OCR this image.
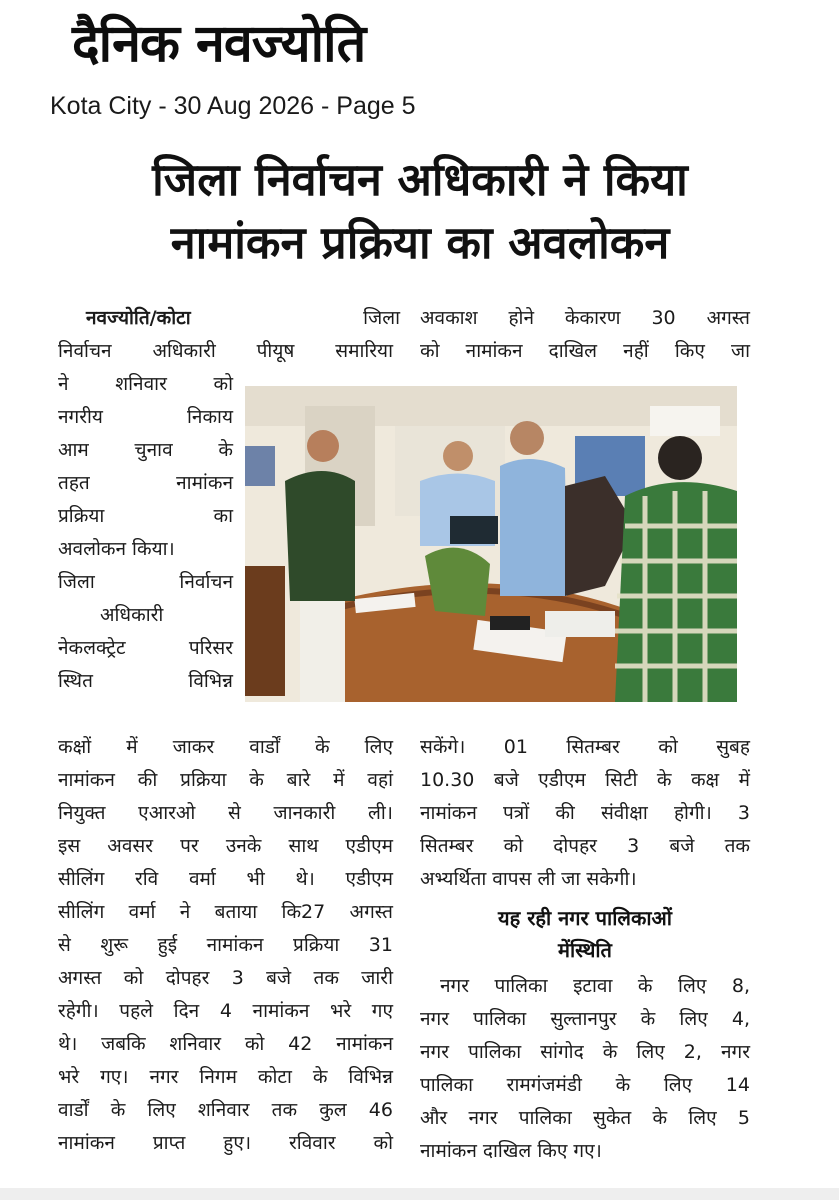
दैनिक नवज्योति
Kota City - 30 Aug 2026 - Page 5
जिला निर्वाचन अधिकारी ने किया
नामांकन प्रक्रिया का अवलोकन

नवज्योति/कोटा	जिला

निर्वाचन अधिकारी पीयूष समारिया

ने शनिवार को

नगरीय निकाय

आम चुनाव के

तहत नामांकन

प्रक्रिया का

अवलोकन किया।

जिला निर्वाचन

अधिकारी

नेकलक्ट्रेट परिसर

स्थित विभिन्न

अवकाश होने केकारण 30 अगस्त

को नामांकन दाखिल नहीं किए जा

कक्षों में जाकर वार्डों के लिए

नामांकन की प्रक्रिया के बारे में वहां

नियुक्त एआरओ से जानकारी ली।

इस अवसर पर उनके साथ एडीएम

सीलिंग रवि वर्मा भी थे। एडीएम

सीलिंग वर्मा ने बताया कि27 अगस्त

से शुरू हुई नामांकन प्रक्रिया 31

अगस्त को दोपहर 3 बजे तक जारी

रहेगी। पहले दिन 4 नामांकन भरे गए

थे। जबकि शनिवार को 42 नामांकन

भरे गए। नगर निगम कोटा के विभिन्न

वार्डों के लिए शनिवार तक कुल 46

नामांकन प्राप्त हुए। रविवार को

सकेंगे। 01 सितम्बर को सुबह

10.30 बजे एडीएम सिटी के कक्ष में

नामांकन पत्रों की संवीक्षा होगी। 3

सितम्बर को दोपहर 3 बजे तक

अभ्यर्थिता वापस ली जा सकेगी।

यह रही नगर पालिकाओं
मेंस्थिति

नगर पालिका इटावा के लिए 8,

नगर पालिका सुल्तानपुर के लिए 4,

नगर पालिका सांगोद के लिए 2, नगर

पालिका रामगंजमंडी के लिए 14

और नगर पालिका सुकेत के लिए 5

नामांकन दाखिल किए गए।
